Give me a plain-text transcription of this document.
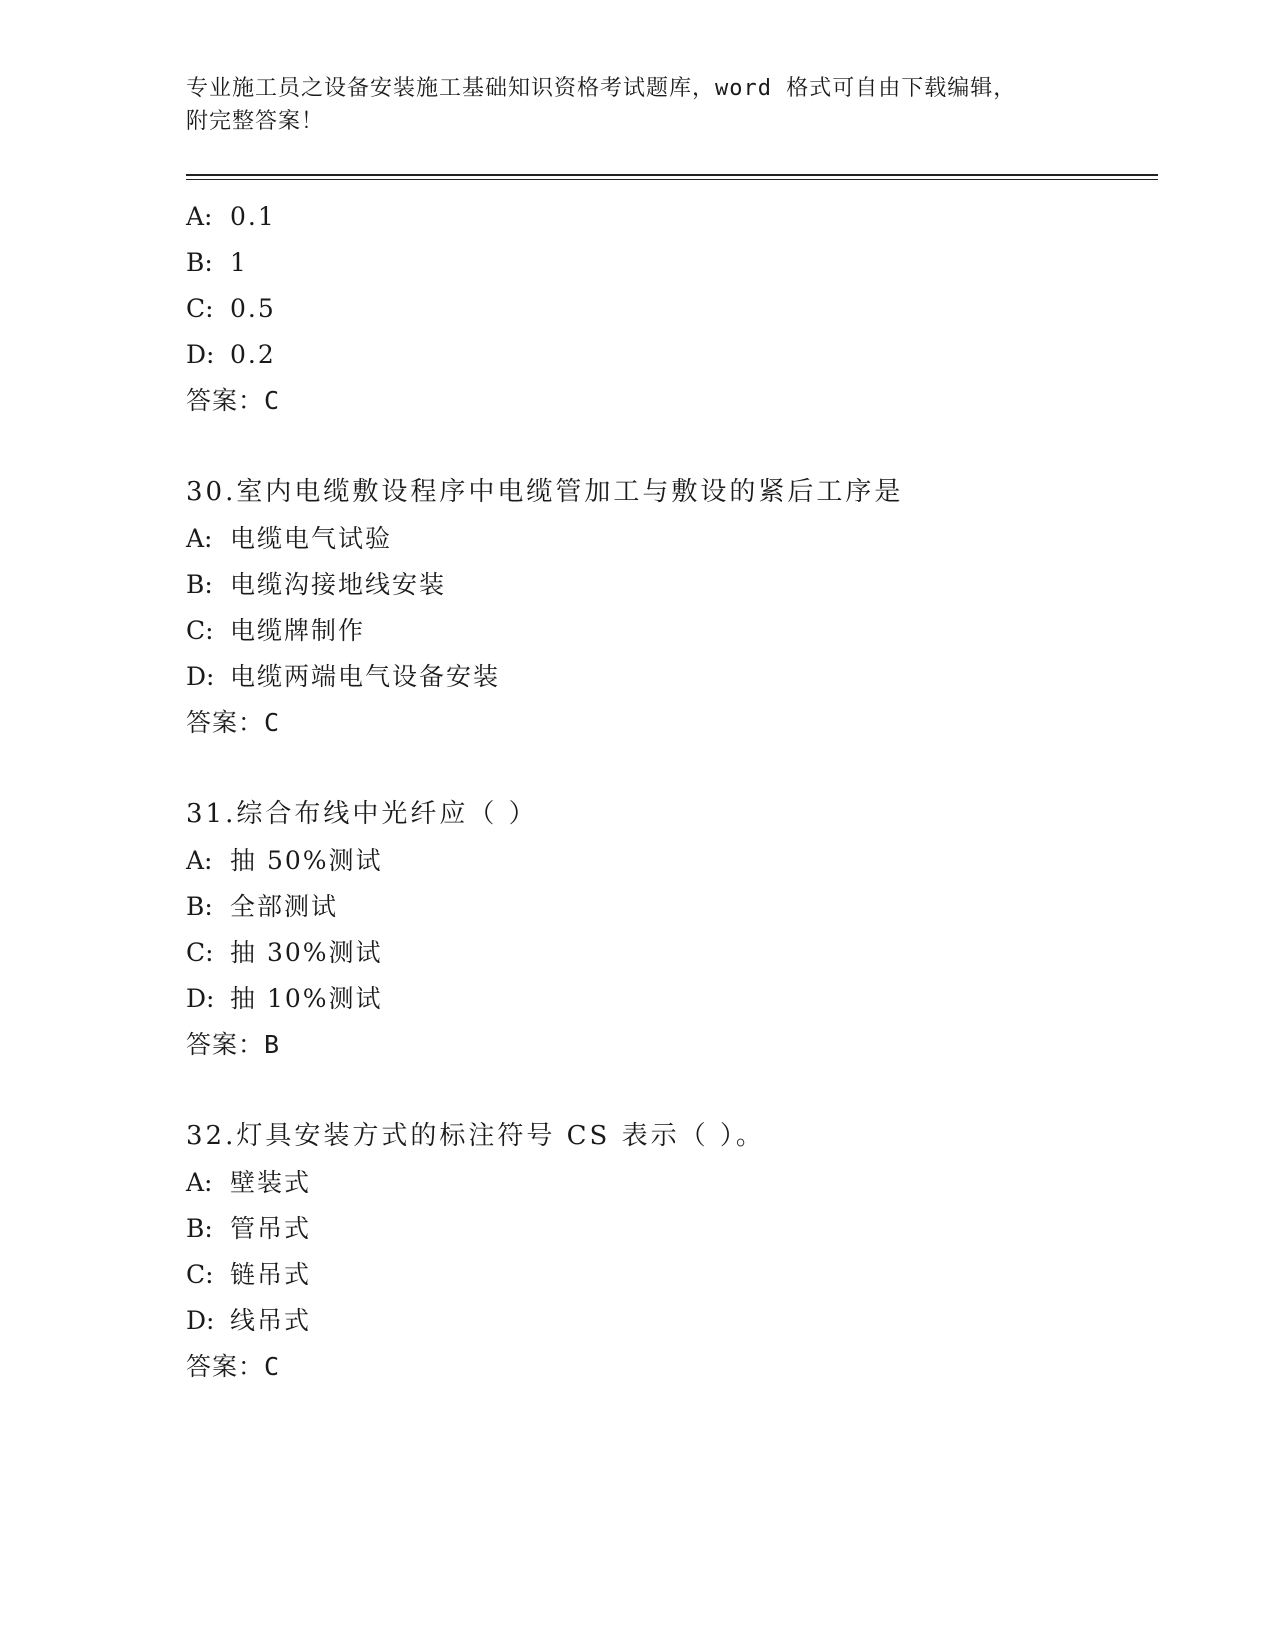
专业施工员之设备安装施工基础知识资格考试题库，word 格式可自由下载编辑，

附完整答案！

A: 0.1
B: 1
C: 0.5
D: 0.2
答案：C
30.室内电缆敷设程序中电缆管加工与敷设的紧后工序是
A: 电缆电气试验
B: 电缆沟接地线安装
C: 电缆牌制作
D: 电缆两端电气设备安装
答案：C
31.综合布线中光纤应（ ）
A: 抽 50%测试
B: 全部测试
C: 抽 30%测试
D: 抽 10%测试
答案：B
32.灯具安装方式的标注符号 CS 表示（ ）。
A: 壁装式
B: 管吊式
C: 链吊式
D: 线吊式
答案：C
